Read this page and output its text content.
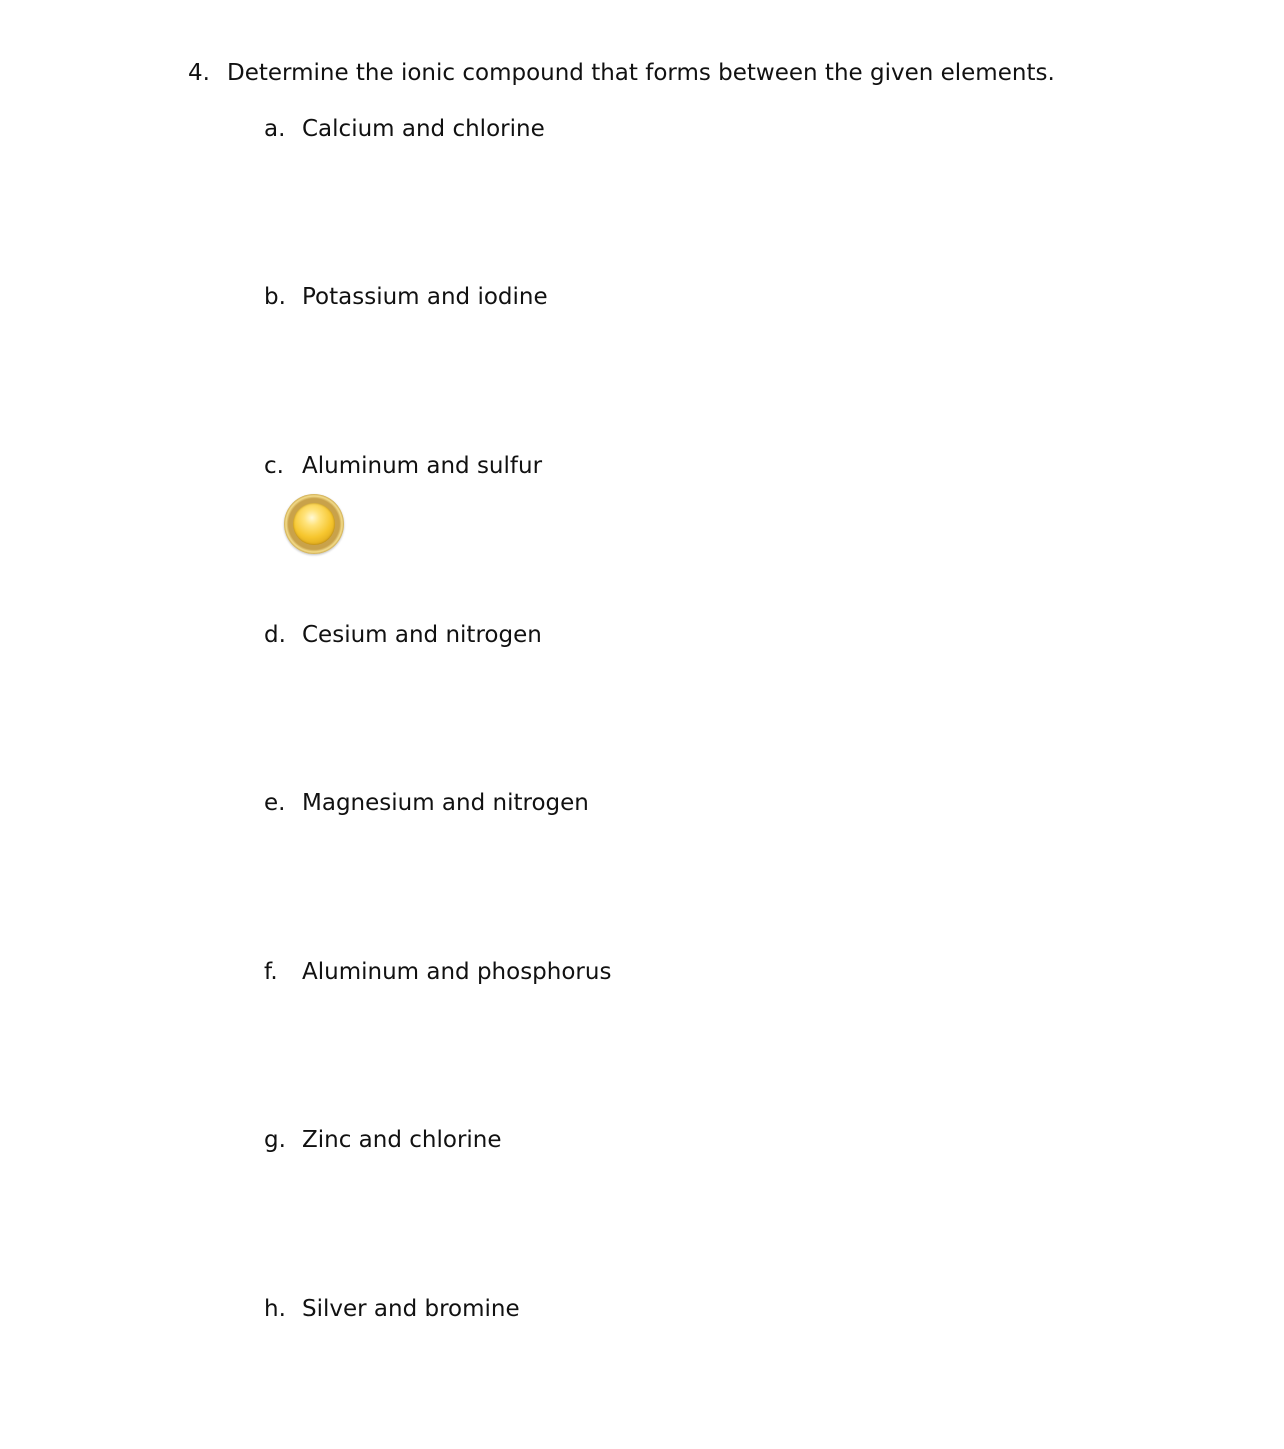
4. Determine the ionic compound that forms between the given elements.
a. Calcium and chlorine
b. Potassium and iodine
c. Aluminum and sulfur
d. Cesium and nitrogen
e. Magnesium and nitrogen
f. Aluminum and phosphorus
g. Zinc and chlorine
h. Silver and bromine
